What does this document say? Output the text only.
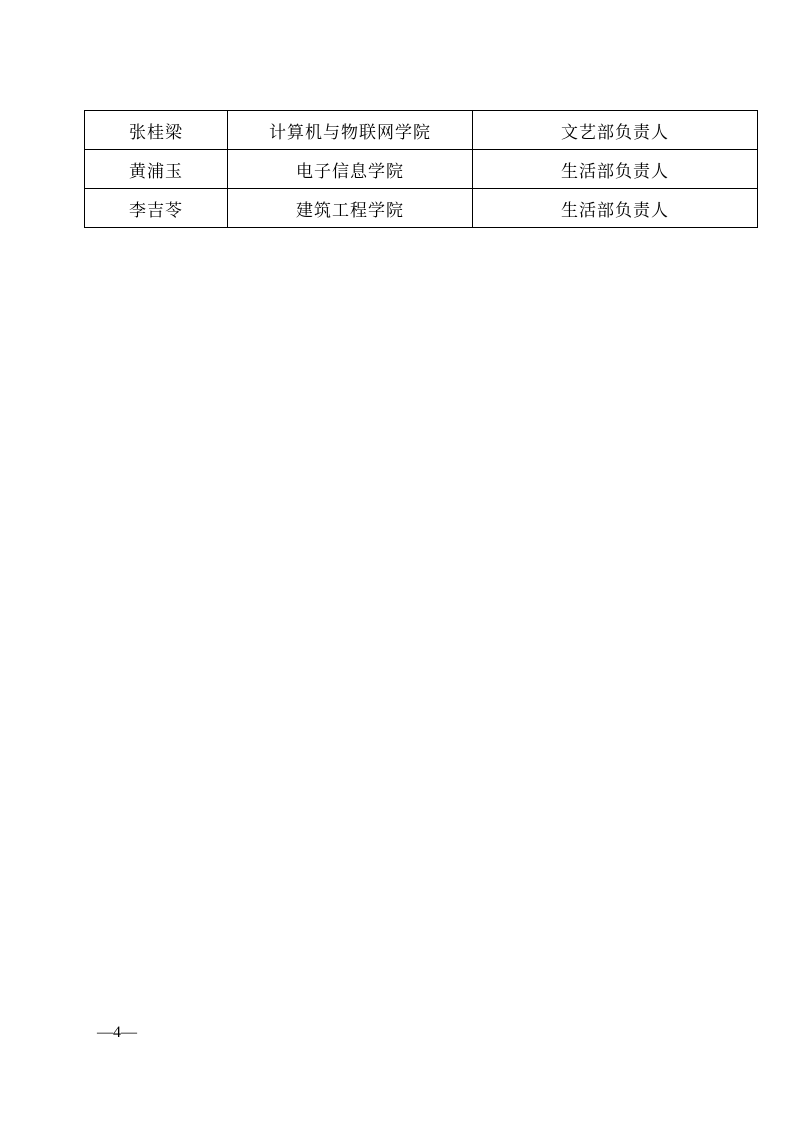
张桂梁	计算机与物联网学院	文艺部负责人
黄浦玉	电子信息学院	生活部负责人
李吉苓	建筑工程学院	生活部负责人
—4—
